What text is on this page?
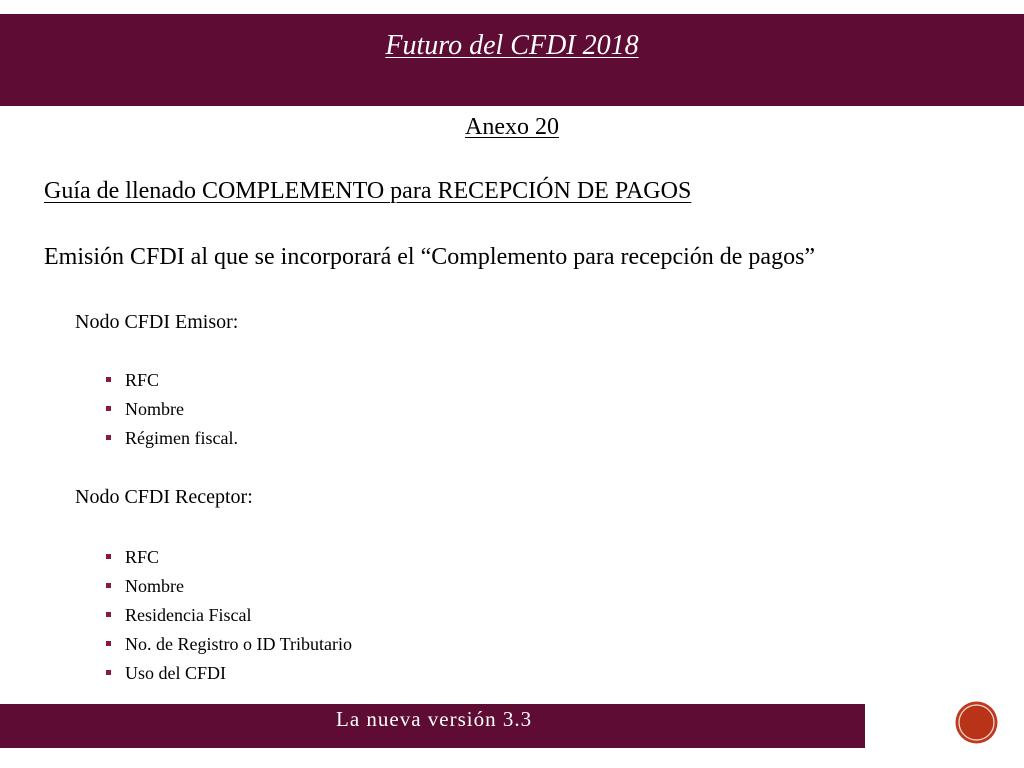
Futuro del CFDI 2018
Anexo 20
Guía de llenado COMPLEMENTO para RECEPCIÓN DE PAGOS
Emisión CFDI al que se incorporará el “Complemento para recepción de pagos”
Nodo CFDI Emisor:
RFC
Nombre
Régimen fiscal.
Nodo CFDI Receptor:
RFC
Nombre
Residencia Fiscal
No. de Registro o ID Tributario
Uso del CFDI
La nueva versión 3.3
